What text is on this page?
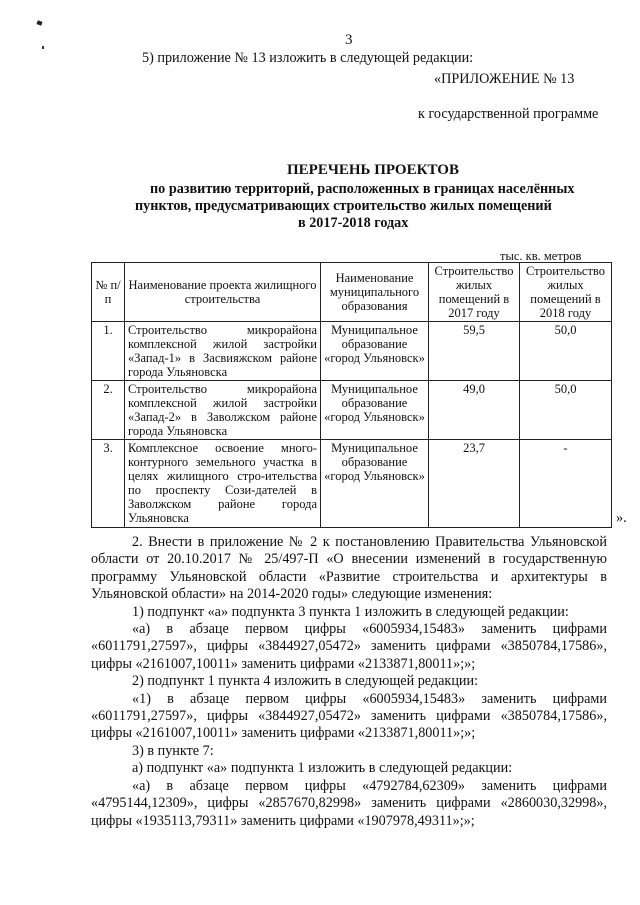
3
5) приложение № 13 изложить в следующей редакции:
«ПРИЛОЖЕНИЕ № 13
к государственной программе
ПЕРЕЧЕНЬ ПРОЕКТОВ
по развитию территорий, расположенных в границах населённых
пунктов, предусматривающих строительство жилых помещений
в 2017-2018 годах
тыс. кв. метров
№ п/п	Наименование проекта жилищного строительства	Наименование муниципального образования	Строительство жилых помещений в 2017 году	Строительство жилых помещений в 2018 году
1.	Строительство микрорайона комплексной жилой застройки «Запад-1» в Засвияжском районе города Ульяновска	Муниципальное образование «город Ульяновск»	59,5	50,0
2.	Строительство микрорайона комплексной жилой застройки «Запад-2» в Заволжском районе города Ульяновска	Муниципальное образование «город Ульяновск»	49,0	50,0
3.	Комплексное освоение много-контурного земельного участка в целях жилищного стро-ительства по проспекту Сози-дателей в Заволжском районе города Ульяновска	Муниципальное образование «город Ульяновск»	23,7	-
».

2. Внести в приложение № 2 к постановлению Правительства Ульяновской области от 20.10.2017 № 25/497-П «О внесении изменений в государственную программу Ульяновской области «Развитие строительства и архитектуры в Ульяновской области» на 2014-2020 годы» следующие изменения:

1) подпункт «а» подпункта 3 пункта 1 изложить в следующей редакции:

«а) в абзаце первом цифры «6005934,15483» заменить цифрами «6011791,27597», цифры «3844927,05472» заменить цифрами «3850784,17586», цифры «2161007,10011» заменить цифрами «2133871,80011»;»;

2) подпункт 1 пункта 4 изложить в следующей редакции:

«1) в абзаце первом цифры «6005934,15483» заменить цифрами «6011791,27597», цифры «3844927,05472» заменить цифрами «3850784,17586», цифры «2161007,10011» заменить цифрами «2133871,80011»;»;

3) в пункте 7:

а) подпункт «а» подпункта 1 изложить в следующей редакции:

«а) в абзаце первом цифры «4792784,62309» заменить цифрами «4795144,12309», цифры «2857670,82998» заменить цифрами «2860030,32998», цифры «1935113,79311» заменить цифрами «1907978,49311»;»;
